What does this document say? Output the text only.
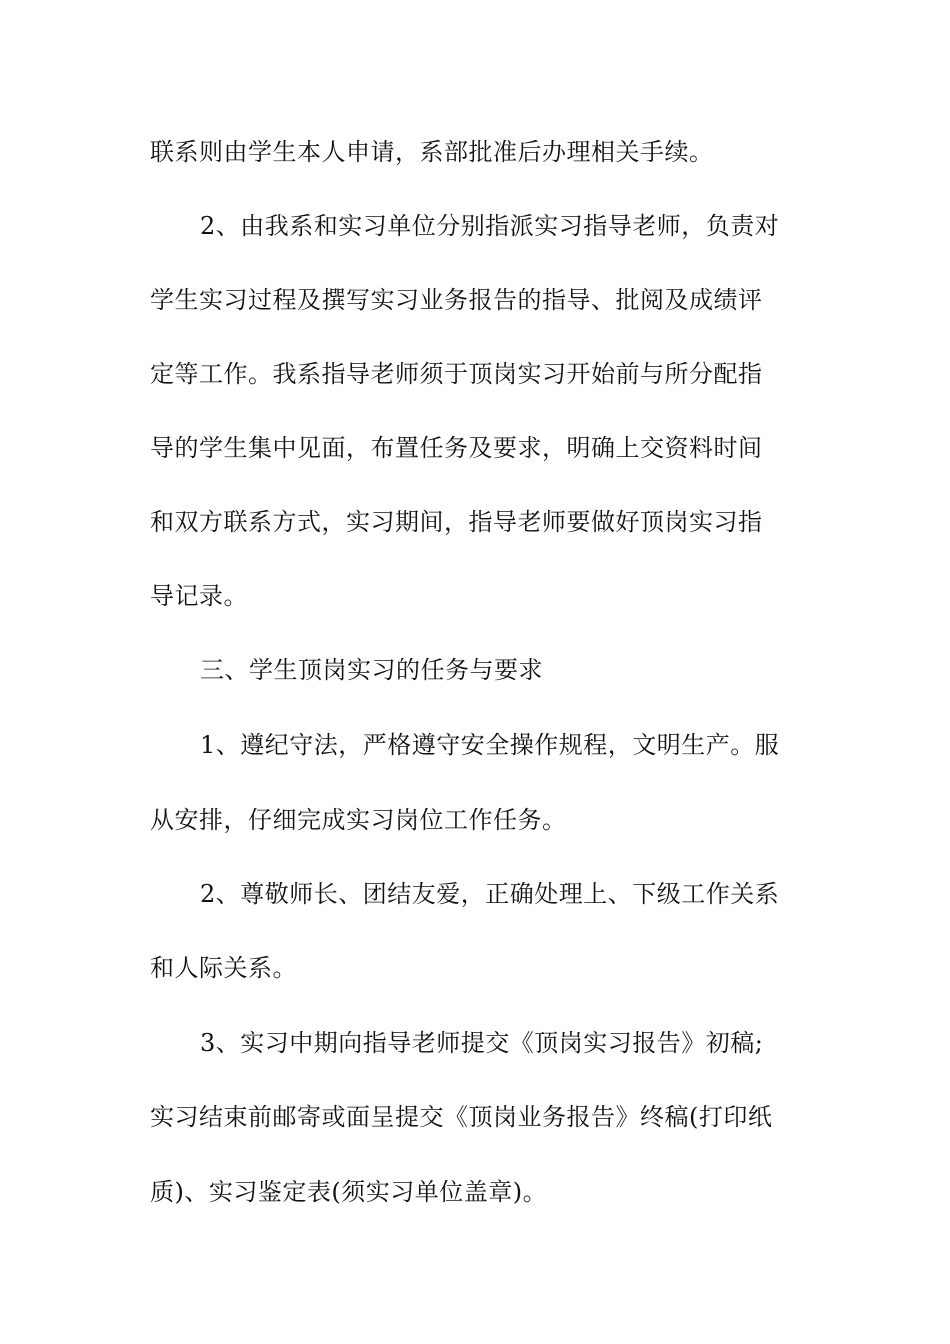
联系则由学生本人申请，系部批准后办理相关手续。
2、由我系和实习单位分别指派实习指导老师，负责对
学生实习过程及撰写实习业务报告的指导、批阅及成绩评
定等工作。我系指导老师须于顶岗实习开始前与所分配指
导的学生集中见面，布置任务及要求，明确上交资料时间
和双方联系方式，实习期间，指导老师要做好顶岗实习指
导记录。
三、学生顶岗实习的任务与要求
1、遵纪守法，严格遵守安全操作规程，文明生产。服
从安排，仔细完成实习岗位工作任务。
2、尊敬师长、团结友爱，正确处理上、下级工作关系
和人际关系。
3、实习中期向指导老师提交《顶岗实习报告》初稿;
实习结束前邮寄或面呈提交《顶岗业务报告》终稿(打印纸
质)、实习鉴定表(须实习单位盖章)。
